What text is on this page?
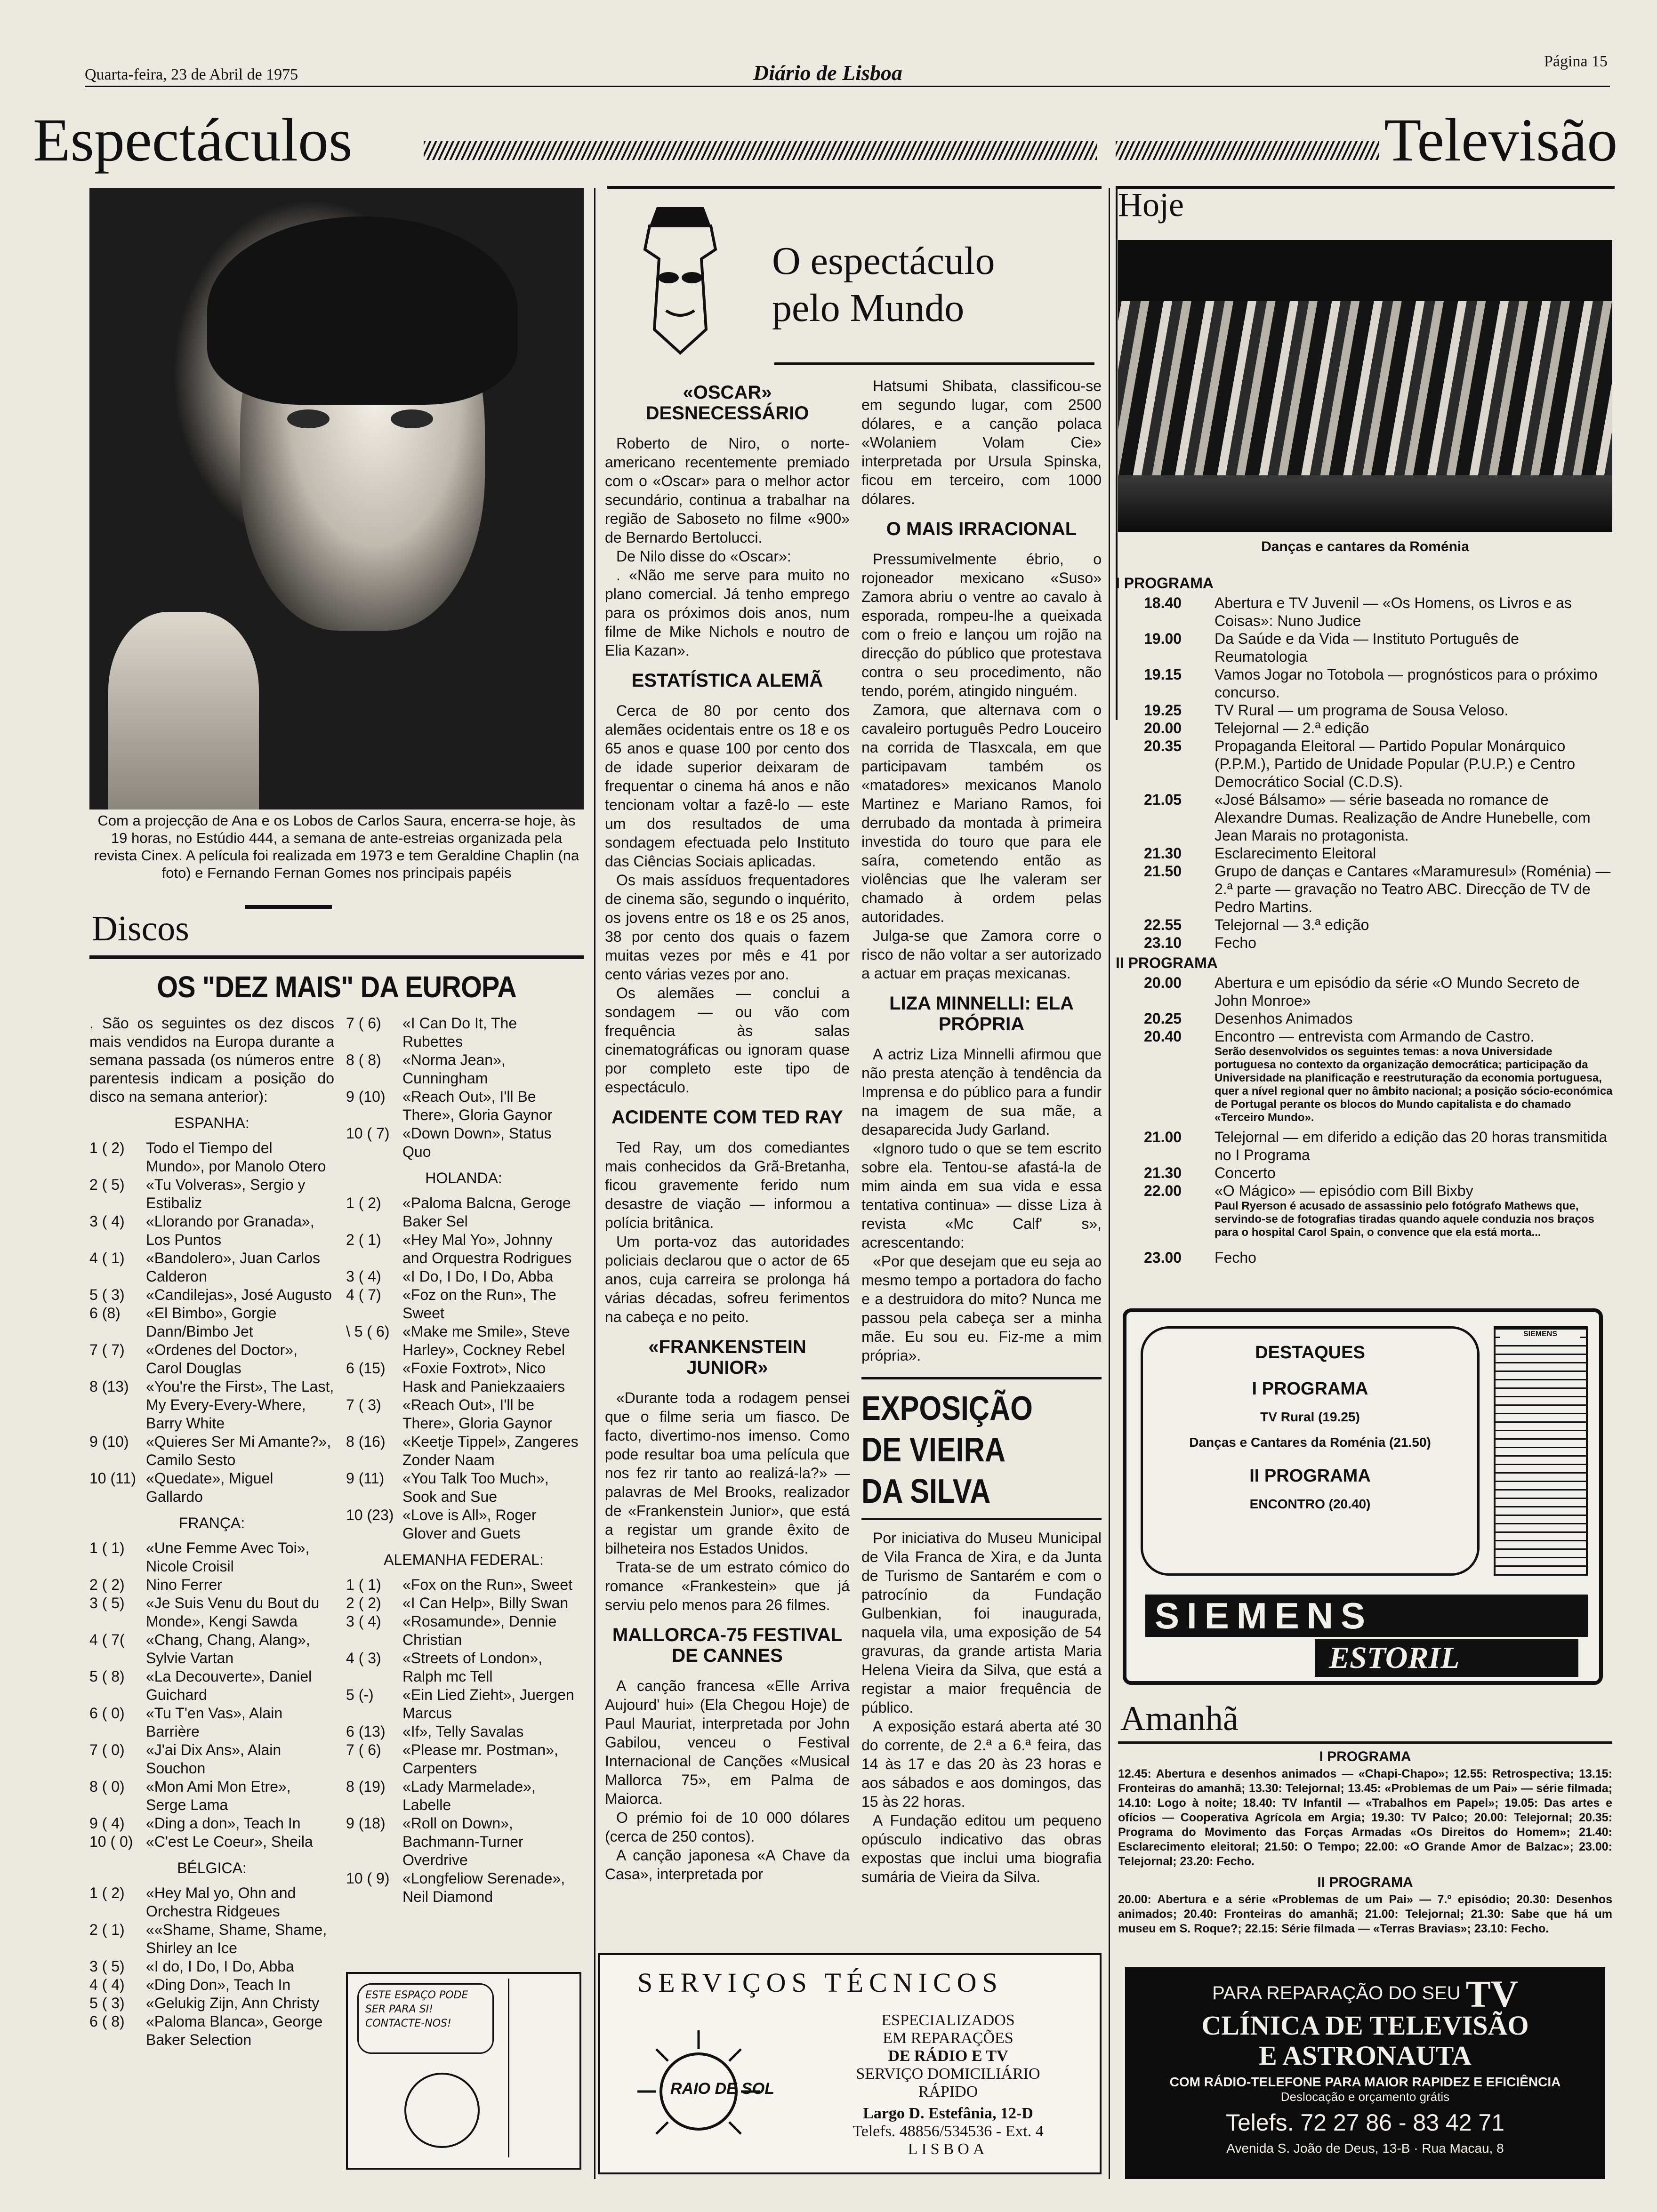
Quarta-feira, 23 de Abril de 1975	Diário de Lisboa	Página 15
Espectáculos	Televisão
Com a projecção de Ana e os Lobos de Carlos Saura, encerra-se hoje, às 19 horas, no Estúdio 444, a semana de ante-estreias organizada pela revista Cinex. A película foi realizada em 1973 e tem Geraldine Chaplin (na foto) e Fernando Fernan Gomes nos principais papéis
Discos
OS "DEZ MAIS" DA EUROPA
. São os seguintes os dez discos mais vendidos na Europa durante a semana passada (os números entre parentesis indicam a posição do disco na semana anterior):
ESPANHA:
1 ( 2)	Todo el Tiempo del Mundo», por Manolo Otero
2 ( 5)	«Tu Volveras», Sergio y Estibaliz
3 ( 4)	«Llorando por Granada», Los Puntos
4 ( 1)	«Bandolero», Juan Carlos Calderon
5 ( 3)	«Candilejas», José Augusto
6 (8)	«El Bimbo», Gorgie Dann/Bimbo Jet
7 ( 7)	«Ordenes del Doctor», Carol Douglas
8 (13)	«You're the First», The Last, My Every-Every-Where, Barry White
9 (10)	«Quieres Ser Mi Amante?», Camilo Sesto
10 (11) «Quedate», Miguel Gallardo
FRANÇA:
1 ( 1)	«Une Femme Avec Toi», Nicole Croisil
2 ( 2)	Nino Ferrer
3 ( 5)	«Je Suis Venu du Bout du Monde», Kengi Sawda
4 ( 7(	«Chang, Chang, Alang», Sylvie Vartan
5 ( 8)	«La Decouverte», Daniel Guichard
6 ( 0)	«Tu T'en Vas», Alain Barrière
7 ( 0)	«J'ai Dix Ans», Alain Souchon
8 ( 0)	«Mon Ami Mon Etre», Serge Lama
9 ( 4)	«Ding a don», Teach In
10 ( 0) «C'est Le Coeur», Sheila
BÉLGICA:
1 ( 2)	«Hey Mal yo, Ohn and Orchestra Ridgeues
2 ( 1)	««Shame, Shame, Shame, Shirley an Ice
3 ( 5)	«I do, I Do, I Do, Abba
4 ( 4)	«Ding Don», Teach In
5 ( 3)	«Gelukig Zijn, Ann Christy
6 ( 8)	«Paloma Blanca», George Baker Selection
7 ( 6)	«I Can Do It, The Rubettes
8 ( 8)	«Norma Jean», Cunningham
9 (10)	«Reach Out», I'll Be There», Gloria Gaynor
10 ( 7) «Down Down», Status Quo
HOLANDA:
1 ( 2)	«Paloma Balcna, Geroge Baker Sel
2 ( 1)	«Hey Mal Yo», Johnny and Orquestra Rodrigues
3 ( 4)	«I Do, I Do, I Do, Abba
4 ( 7)	«Foz on the Run», The Sweet
\ 5 ( 6) «Make me Smile», Steve Harley», Cockney Rebel
6 (15)	«Foxie Foxtrot», Nico Hask and Paniekzaaiers
7 ( 3)	«Reach Out», I'll be There», Gloria Gaynor
8 (16)	«Keetje Tippel», Zangeres Zonder Naam
9 (11)	«You Talk Too Much», Sook and Sue
10 (23) «Love is All», Roger Glover and Guets
ALEMANHA FEDERAL:
1 ( 1)	«Fox on the Run», Sweet
2 ( 2)	«I Can Help», Billy Swan
3 ( 4)	«Rosamunde», Dennie Christian
4 ( 3)	«Streets of London», Ralph mc Tell
5 (-)	«Ein Lied Zieht», Juergen Marcus
6 (13)	«If», Telly Savalas
7 ( 6)	«Please mr. Postman», Carpenters
8 (19)	«Lady Marmelade», Labelle
9 (18)	«Roll on Down», Bachmann-Turner Overdrive
10 ( 9) «Longfeliow Serenade», Neil Diamond
ESTE ESPAÇO PODE SER PARA SI! CONTACTE-NOS!
O espectáculo
pelo Mundo
«OSCAR» DESNECESSÁRIO

Roberto de Niro, o norte-americano recentemente premiado com o «Oscar» para o melhor actor secundário, continua a trabalhar na região de Saboseto no filme «900» de Bernardo Bertolucci.

De Nilo disse do «Oscar»:

. «Não me serve para muito no plano comercial. Já tenho emprego para os próximos dois anos, num filme de Mike Nichols e noutro de Elia Kazan».

ESTATÍSTICA ALEMÃ

Cerca de 80 por cento dos alemães ocidentais entre os 18 e os 65 anos e quase 100 por cento dos de idade superior deixaram de frequentar o cinema há anos e não tencionam voltar a fazê-lo — este um dos resultados de uma sondagem efectuada pelo Instituto das Ciências Sociais aplicadas.

Os mais assíduos frequentadores de cinema são, segundo o inquérito, os jovens entre os 18 e os 25 anos, 38 por cento dos quais o fazem muitas vezes por mês e 41 por cento várias vezes por ano.

Os alemães — conclui a sondagem — ou vão com frequência às salas cinematográficas ou ignoram quase por completo este tipo de espectáculo.

ACIDENTE COM TED RAY

Ted Ray, um dos comediantes mais conhecidos da Grã-Bretanha, ficou gravemente ferido num desastre de viação — informou a polícia britânica.

Um porta-voz das autoridades policiais declarou que o actor de 65 anos, cuja carreira se prolonga há várias décadas, sofreu ferimentos na cabeça e no peito.

«FRANKENSTEIN JUNIOR»

«Durante toda a rodagem pensei que o filme seria um fiasco. De facto, divertimo-nos imenso. Como pode resultar boa uma película que nos fez rir tanto ao realizá-la?» — palavras de Mel Brooks, realizador de «Frankenstein Junior», que está a registar um grande êxito de bilheteira nos Estados Unidos.

Trata-se de um estrato cómico do romance «Frankestein» que já serviu pelo menos para 26 filmes.

MALLORCA-75 FESTIVAL DE CANNES

A canção francesa «Elle Arriva Aujourd' hui» (Ela Chegou Hoje) de Paul Mauriat, interpretada por John Gabilou, venceu o Festival Internacional de Canções «Musical Mallorca 75», em Palma de Maiorca.

O prémio foi de 10 000 dólares (cerca de 250 contos).

A canção japonesa «A Chave da Casa», interpretada por

Hatsumi Shibata, classificou-se em segundo lugar, com 2500 dólares, e a canção polaca «Wolaniem Volam Cie» interpretada por Ursula Spinska, ficou em terceiro, com 1000 dólares.

O MAIS IRRACIONAL

Pressumivelmente ébrio, o rojoneador mexicano «Suso» Zamora abriu o ventre ao cavalo à esporada, rompeu-lhe a queixada com o freio e lançou um rojão na direcção do público que protestava contra o seu procedimento, não tendo, porém, atingido ninguém.

Zamora, que alternava com o cavaleiro português Pedro Louceiro na corrida de Tlasxcala, em que participavam também os «matadores» mexicanos Manolo Martinez e Mariano Ramos, foi derrubado da montada à primeira investida do touro que para ele saíra, cometendo então as violências que lhe valeram ser chamado à ordem pelas autoridades.

Julga-se que Zamora corre o risco de não voltar a ser autorizado a actuar em praças mexicanas.

LIZA MINNELLI: ELA PRÓPRIA

A actriz Liza Minnelli afirmou que não presta atenção à tendência da Imprensa e do público para a fundir na imagem de sua mãe, a desaparecida Judy Garland.

«Ignoro tudo o que se tem escrito sobre ela. Tentou-se afastá-la de mim ainda em sua vida e essa tentativa continua» — disse Liza à revista «Mc Calf' s», acrescentando:

«Por que desejam que eu seja ao mesmo tempo a portadora do facho e a destruidora do mito? Nunca me passou pela cabeça ser a minha mãe. Eu sou eu. Fiz-me a mim própria».

EXPOSIÇÃO
DE VIEIRA
DA SILVA

Por iniciativa do Museu Municipal de Vila Franca de Xira, e da Junta de Turismo de Santarém e com o patrocínio da Fundação Gulbenkian, foi inaugurada, naquela vila, uma exposição de 54 gravuras, da grande artista Maria Helena Vieira da Silva, que está a registar a maior frequência de público.

A exposição estará aberta até 30 do corrente, de 2.ª a 6.ª feira, das 14 às 17 e das 20 às 23 horas e aos sábados e aos domingos, das 15 às 22 horas.

A Fundação editou um pequeno opúsculo indicativo das obras expostas que inclui uma biografia sumária de Vieira da Silva.

SERVIÇOS TÉCNICOS
RAIO DE SOL
ESPECIALIZADOS
EM REPARAÇÕES
DE RÁDIO E TV
SERVIÇO DOMICILIÁRIO
RÁPIDO
Largo D. Estefânia, 12-D
Telefs. 48856/534536 - Ext. 4
LISBOA
Hoje
Danças e cantares da Roménia
I PROGRAMA
18.40	Abertura e TV Juvenil — «Os Homens, os Livros e as Coisas»: Nuno Judice
19.00	Da Saúde e da Vida — Instituto Português de Reumatologia
19.15	Vamos Jogar no Totobola — prognósticos para o próximo concurso.
19.25	TV Rural — um programa de Sousa Veloso.
20.00	Telejornal — 2.ª edição
20.35	Propaganda Eleitoral — Partido Popular Monárquico (P.P.M.), Partido de Unidade Popular (P.U.P.) e Centro Democrático Social (C.D.S).
21.05	«José Bálsamo» — série baseada no romance de Alexandre Dumas. Realização de Andre Hunebelle, com Jean Marais no protagonista.
21.30	Esclarecimento Eleitoral
21.50	Grupo de danças e Cantares «Maramuresul» (Roménia) — 2.ª parte — gravação no Teatro ABC. Direcção de TV de Pedro Martins.
22.55	Telejornal — 3.ª edição
23.10	Fecho
II PROGRAMA
20.00	Abertura e um episódio da série «O Mundo Secreto de John Monroe»
20.25	Desenhos Animados
20.40	Encontro — entrevista com Armando de Castro.
Serão desenvolvidos os seguintes temas: a nova Universidade portuguesa no contexto da organização democrática; participação da Universidade na planificação e reestruturação da economia portuguesa, quer a nível regional quer no âmbito nacional; a posição sócio-económica de Portugal perante os blocos do Mundo capitalista e do chamado «Terceiro Mundo».
21.00	Telejornal — em diferido a edição das 20 horas transmitida no I Programa
21.30	Concerto
22.00	«O Mágico» — episódio com Bill Bixby
Paul Ryerson é acusado de assassinio pelo fotógrafo Mathews que, servindo-se de fotografias tiradas quando aquele conduzia nos braços para o hospital Carol Spain, o convence que ela está morta...
23.00	Fecho
DESTAQUES
I PROGRAMA
TV Rural (19.25)
Danças e Cantares da Roménia (21.50)
II PROGRAMA
ENCONTRO (20.40)
SIEMENS
SIEMENS
ESTORIL
Amanhã
I PROGRAMA
12.45: Abertura e desenhos animados — «Chapi-Chapo»; 12.55: Retrospectiva; 13.15: Fronteiras do amanhã; 13.30: Telejornal; 13.45: «Problemas de um Pai» — série filmada; 14.10: Logo à noite; 18.40: TV Infantil — «Trabalhos em Papel»; 19.05: Das artes e ofícios — Cooperativa Agrícola em Argia; 19.30: TV Palco; 20.00: Telejornal; 20.35: Programa do Movimento das Forças Armadas «Os Direitos do Homem»; 21.40: Esclarecimento eleitoral; 21.50: O Tempo; 22.00: «O Grande Amor de Balzac»; 23.00: Telejornal; 23.20: Fecho.
II PROGRAMA
20.00: Abertura e a série «Problemas de um Pai» — 7.º episódio; 20.30: Desenhos animados; 20.40: Fronteiras do amanhã; 21.00: Telejornal; 21.30: Sabe que há um museu em S. Roque?; 22.15: Série filmada — «Terras Bravias»; 23.10: Fecho.
PARA REPARAÇÃO DO SEU TV
CLÍNICA DE TELEVISÃO
E ASTRONAUTA
COM RÁDIO-TELEFONE PARA MAIOR RAPIDEZ E EFICIÊNCIA
Deslocação e orçamento grátis
Telefs. 72 27 86 - 83 42 71
Avenida S. João de Deus, 13-B · Rua Macau, 8
